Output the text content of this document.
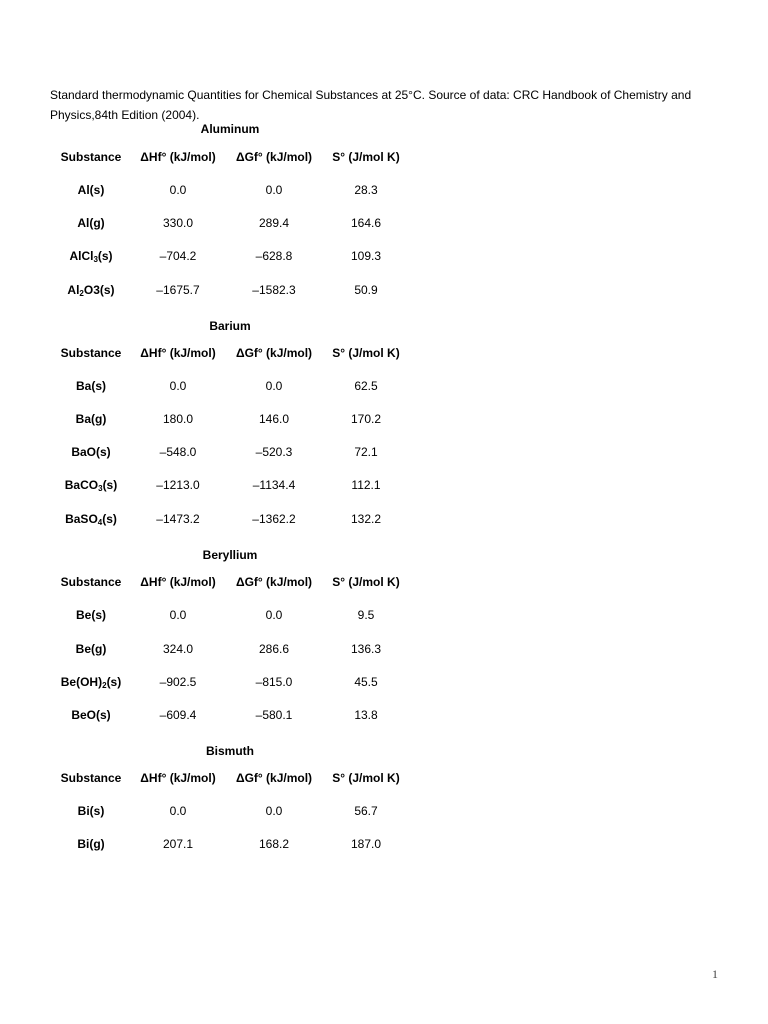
Standard thermodynamic Quantities for Chemical Substances at 25°C. Source of data: CRC Handbook of Chemistry and Physics,84th Edition (2004).
Aluminum
Substance	ΔHf° (kJ/mol)	ΔGf° (kJ/mol)	S° (J/mol K)
Al(s)	0.0	0.0	28.3
Al(g)	330.0	289.4	164.6
AlCl$_3$(s)	–704.2	–628.8	109.3
$Al_2O3(s)$	–1675.7	–1582.3	50.9
Barium
Substance	ΔHf° (kJ/mol)	ΔGf° (kJ/mol)	S° (J/mol K)
Ba(s)	0.0	0.0	62.5
Ba(g)	180.0	146.0	170.2
BaO(s)	–548.0	–520.3	72.1
BaCO$_3$(s)	–1213.0	–1134.4	112.1
BaSO$_4$(s)	–1473.2	–1362.2	132.2
Beryllium
Substance	ΔHf° (kJ/mol)	ΔGf° (kJ/mol)	S° (J/mol K)
Be(s)	0.0	0.0	9.5
Be(g)	324.0	286.6	136.3
$Be(OH)_2(s)$	–902.5	–815.0	45.5
BeO(s)	–609.4	–580.1	13.8
Bismuth
Substance	ΔHf° (kJ/mol)	ΔGf° (kJ/mol)	S° (J/mol K)
Bi(s)	0.0	0.0	56.7
Bi(g)	207.1	168.2	187.0
1
